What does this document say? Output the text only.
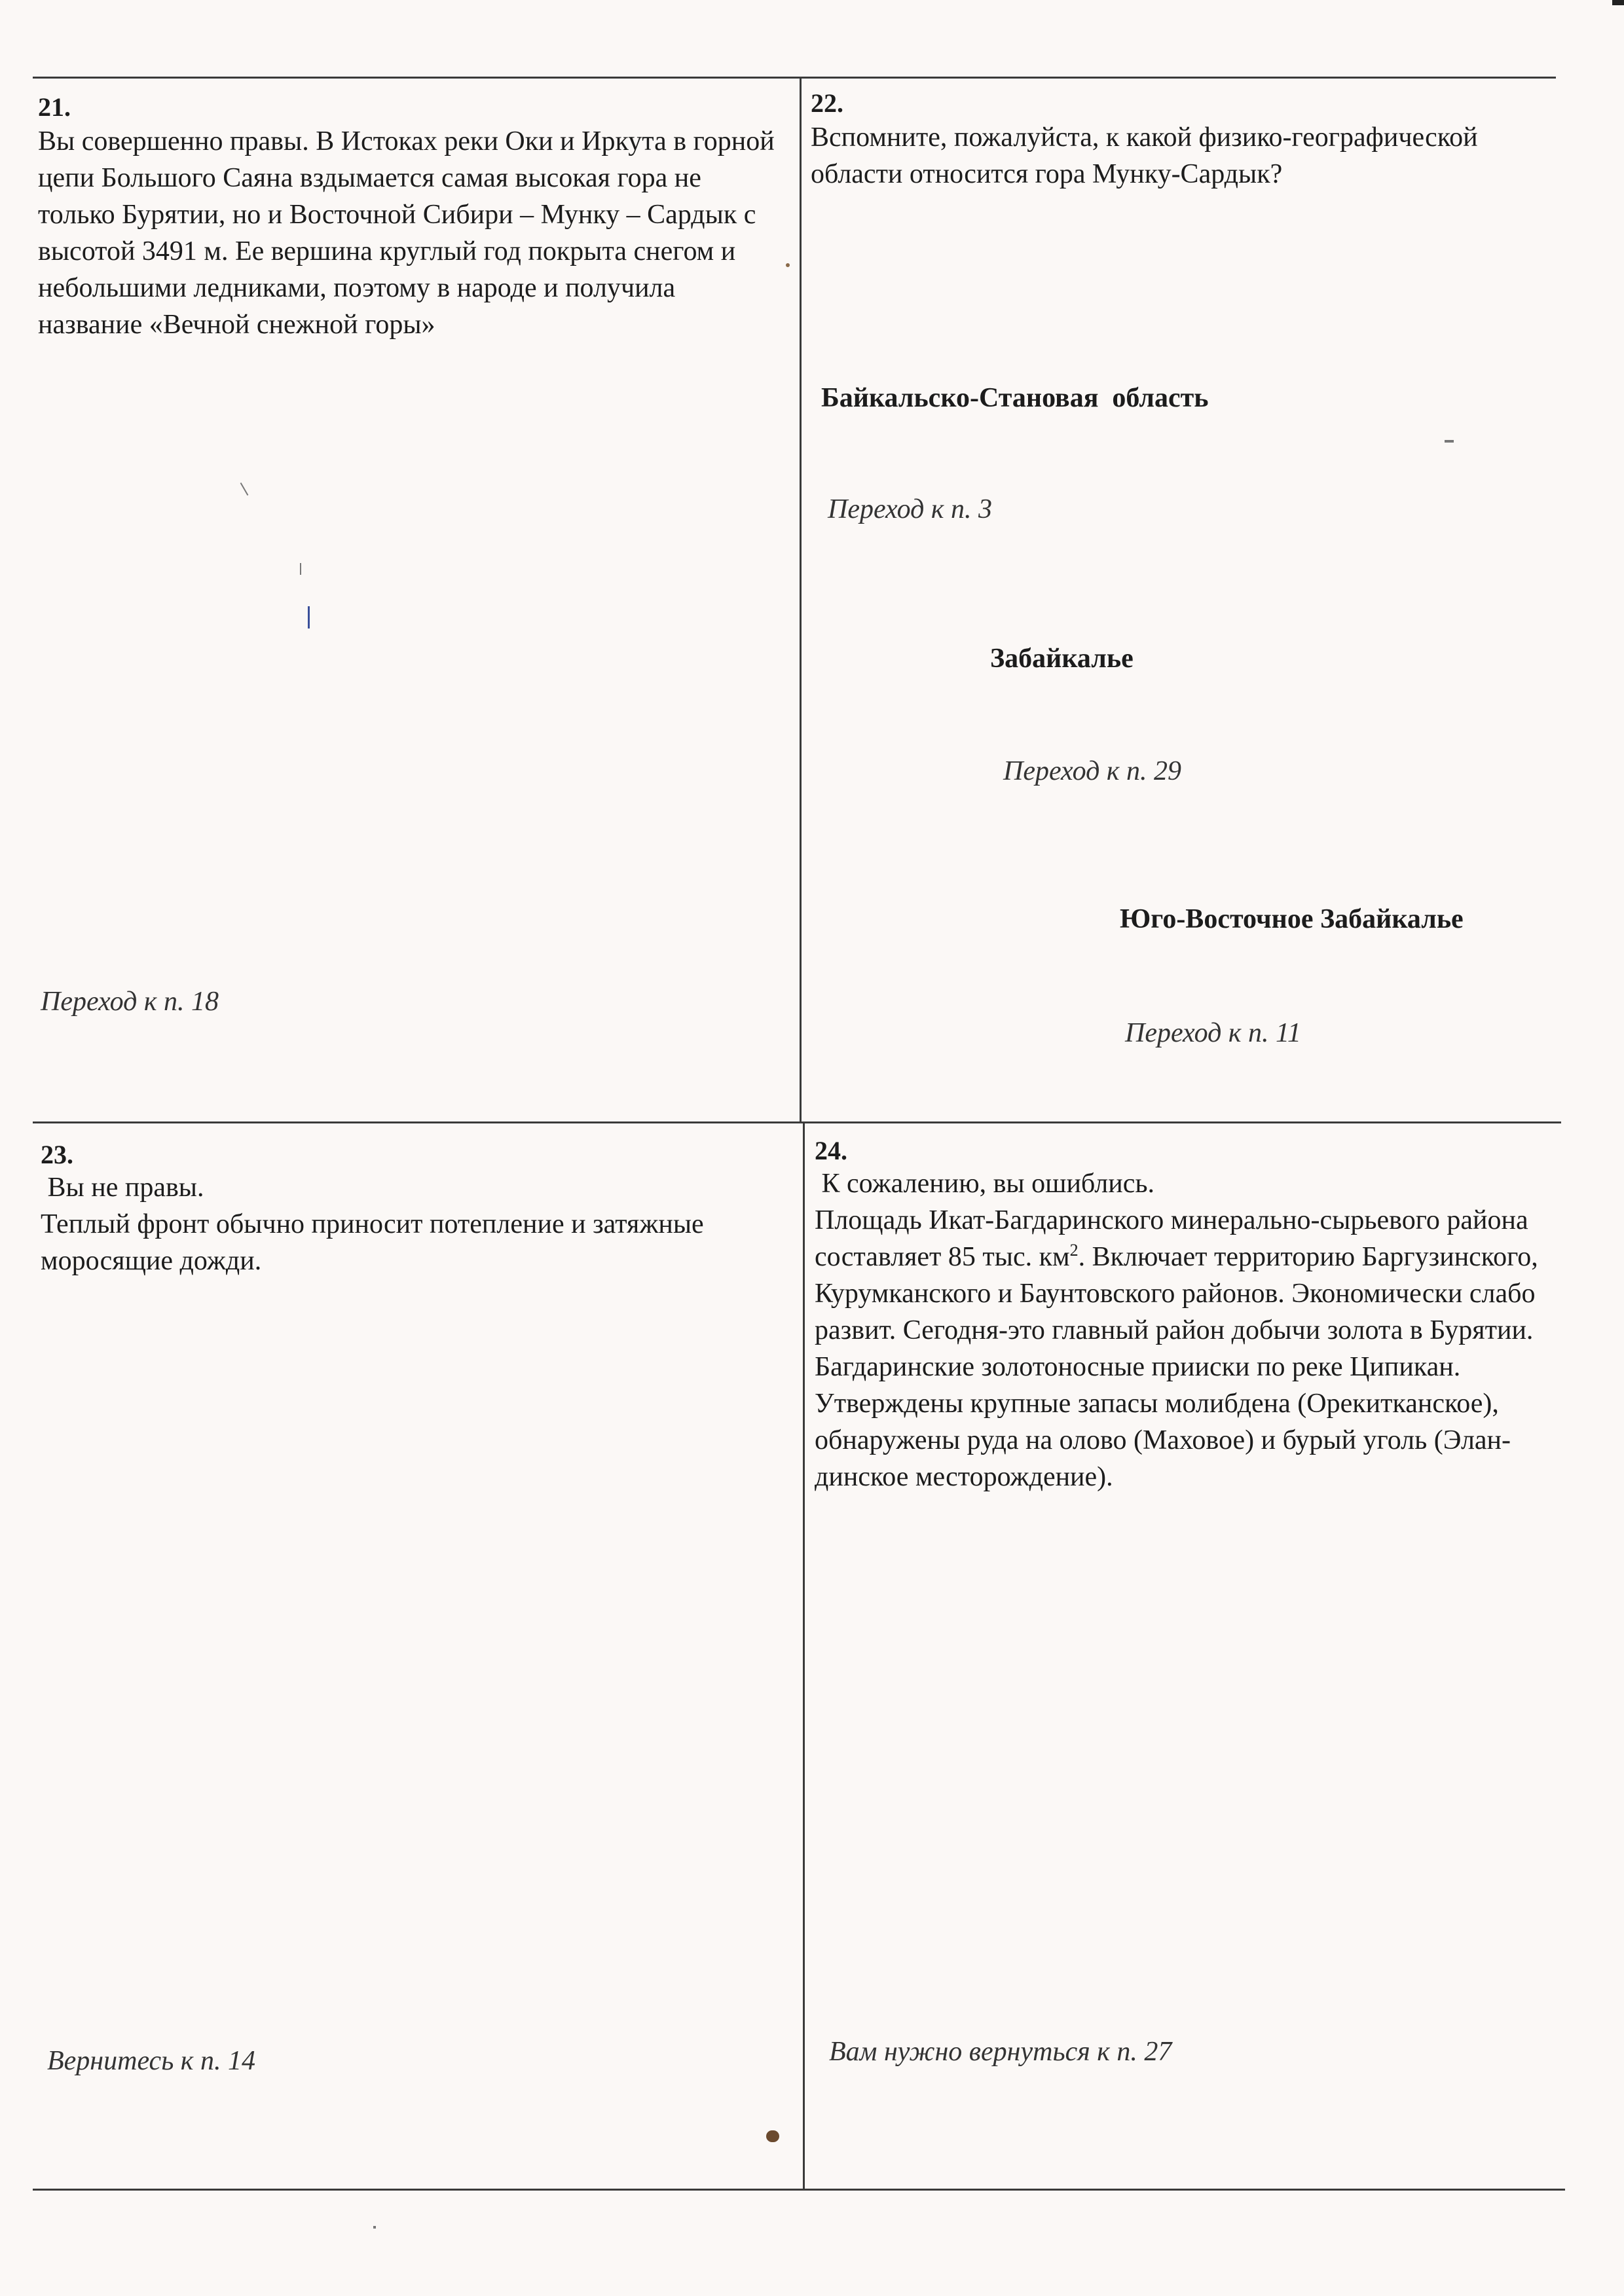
21.
Вы совершенно правы. В Истоках реки Оки и Иркута в горной цепи Большого Саяна вздымается самая высокая гора не только Бурятии, но и Восточной Сибири – Мунку – Сардык с высотой 3491 м. Ее вершина круглый год покрыта снегом и небольшими ледниками, поэтому в народе и получила название «Вечной снежной горы»
Переход к п. 18
22.
Вспомните, пожалуйста, к какой физико-географической области относится гора Мунку-Сардык?
Байкальско-Становая  область
Переход к п. 3
Забайкалье
Переход к п. 29
Юго-Восточное Забайкалье
Переход к п. 11
23.
Вы не правы.
Теплый фронт обычно приносит потепление и затяжные моросящие дожди.
Вернитесь к п. 14
24.
К сожалению, вы ошиблись.
Площадь Икат-Багдаринского минерально-сырьевого района составляет 85 тыс. $км^2$. Включает территорию Баргузинского, Курумканского и Баунтовского районов. Экономически слабо развит. Сегодня-это главный район добычи золота в Бурятии. Багдаринские золотоносные прииски по реке Ципикан. Утверждены крупные запасы молибдена (Орекитканское), обнаружены руда на олово (Маховое) и бурый уголь (Эландинское месторождение).
Вам нужно вернуться к п. 27
